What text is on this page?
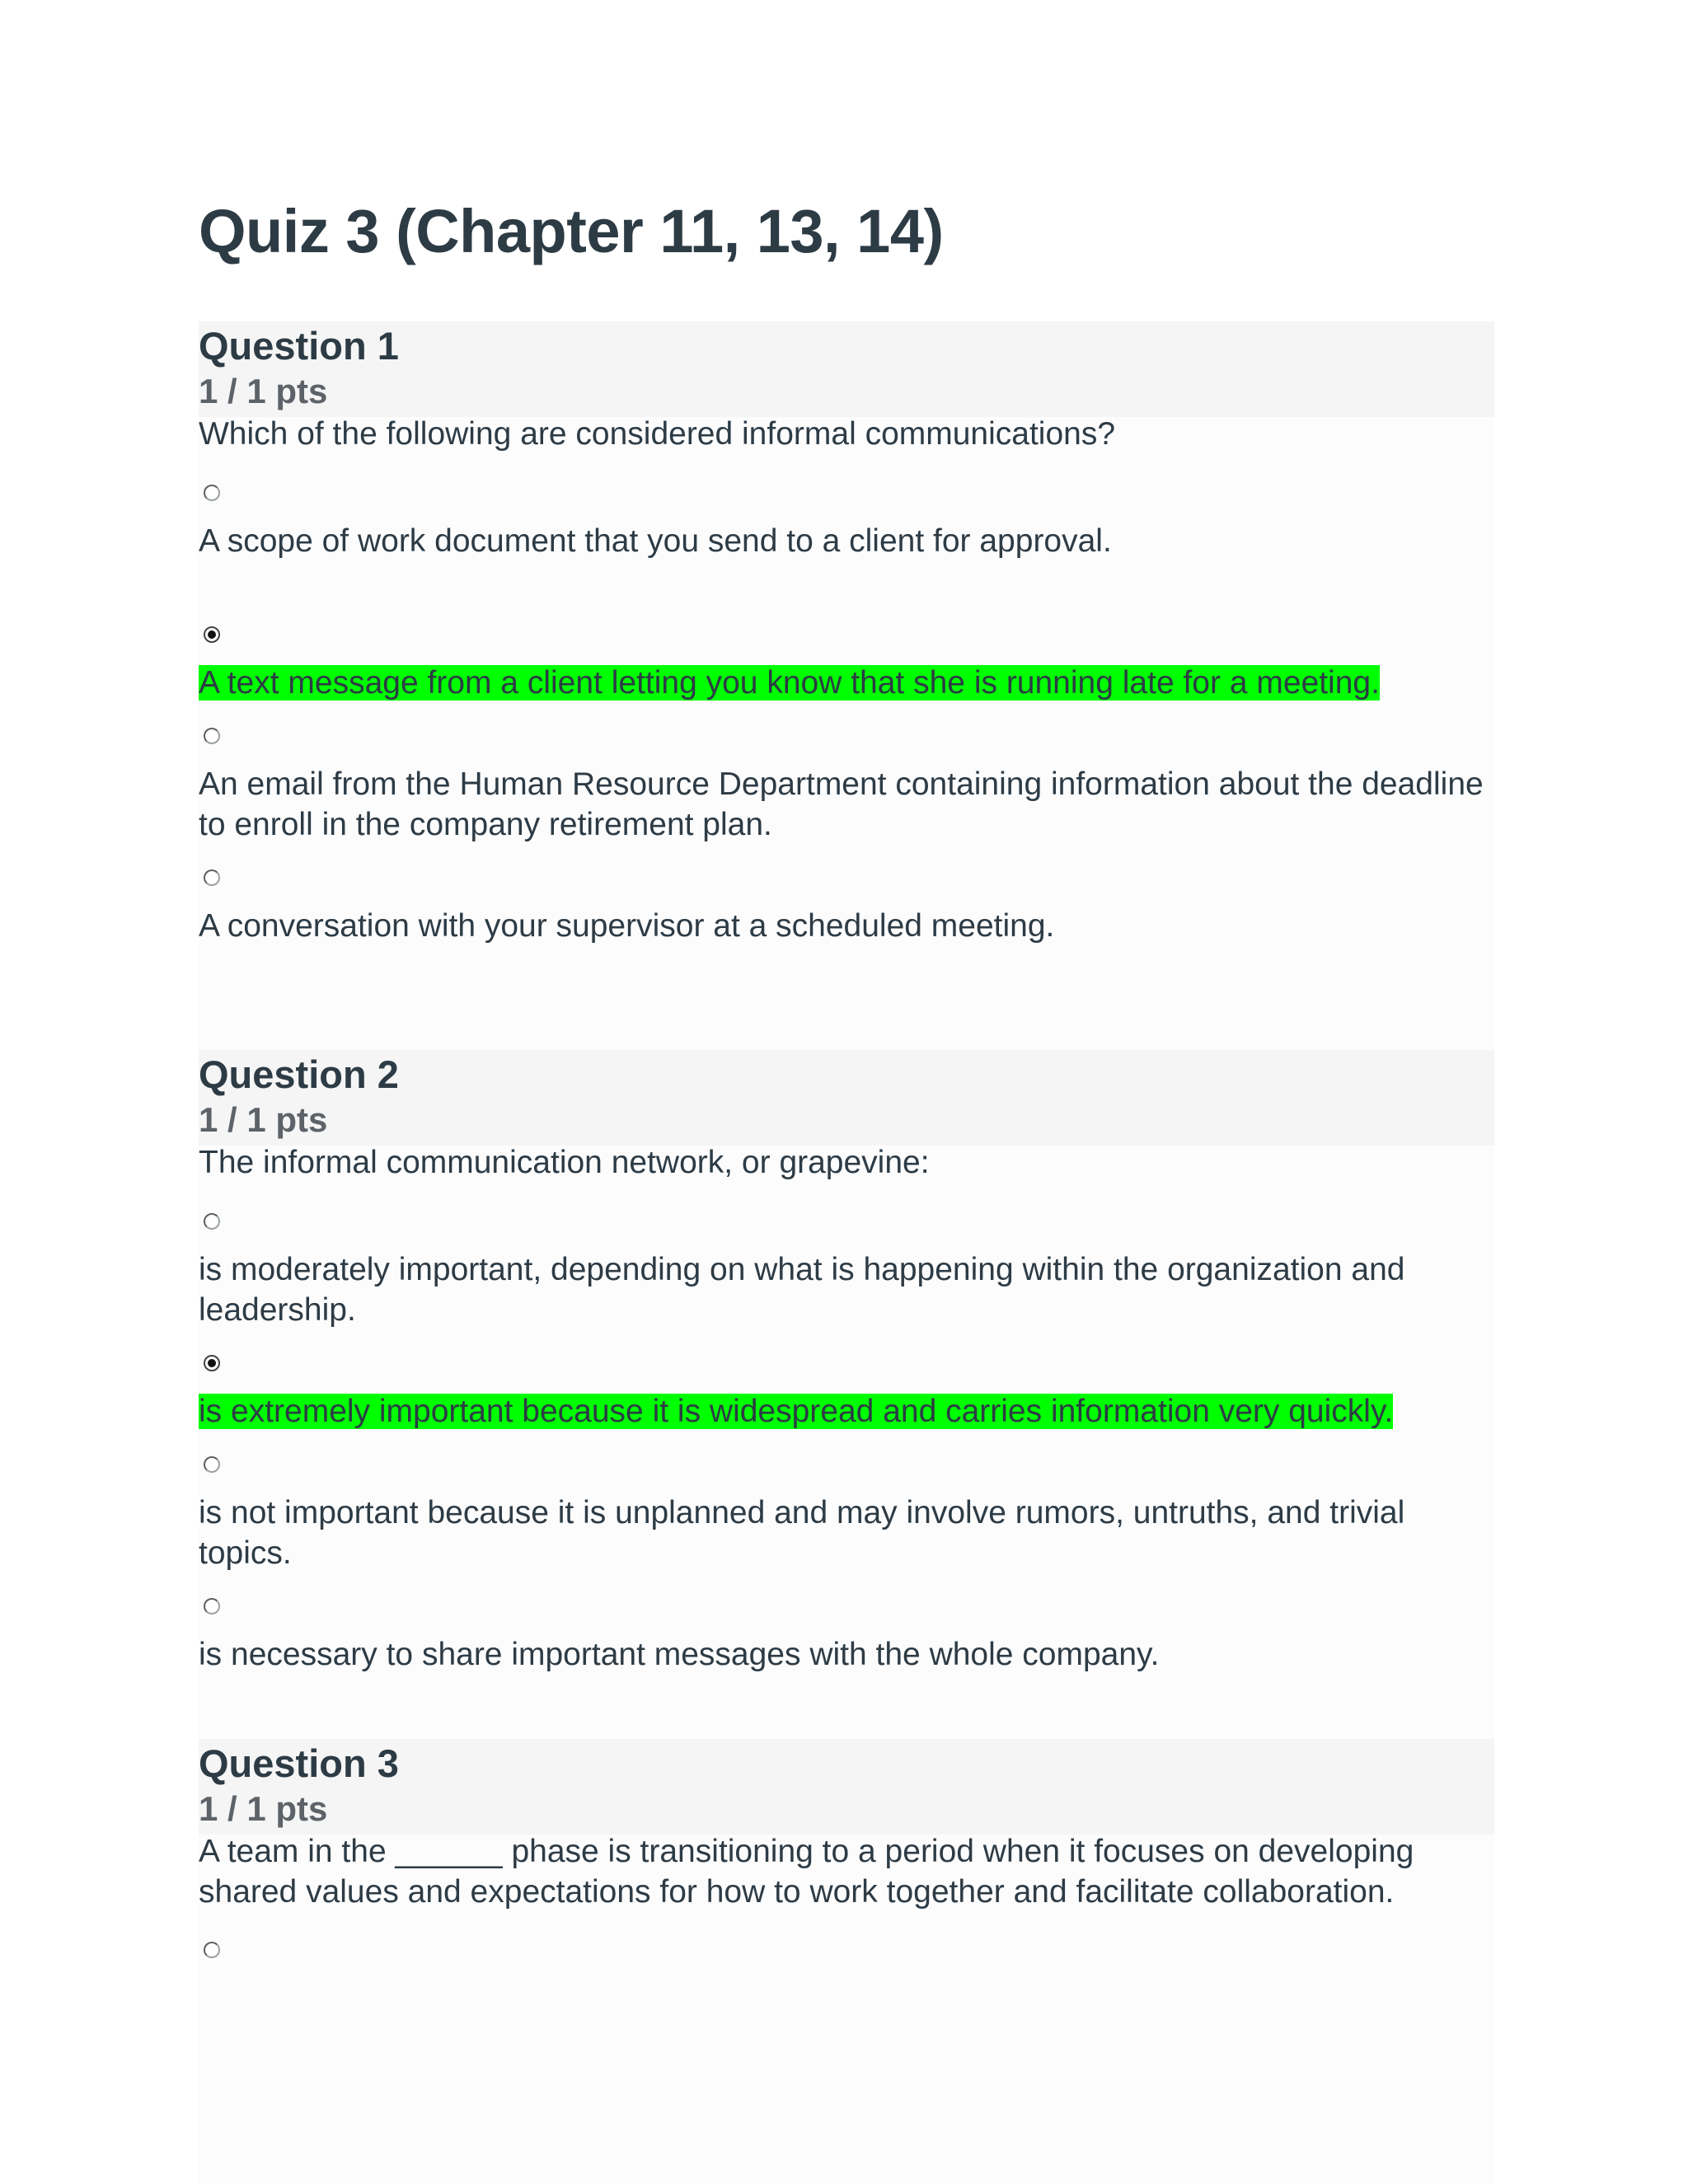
Quiz 3 (Chapter 11, 13, 14)
Question 1
1 / 1 pts
Which of the following are considered informal communications?
A scope of work document that you send to a client for approval.
A text message from a client letting you know that she is running late for a meeting.
An email from the Human Resource Department containing information about the deadline to enroll in the company retirement plan.
A conversation with your supervisor at a scheduled meeting.
Question 2
1 / 1 pts
The informal communication network, or grapevine:
is moderately important, depending on what is happening within the organization and leadership.
is extremely important because it is widespread and carries information very quickly.
is not important because it is unplanned and may involve rumors, untruths, and trivial topics.
is necessary to share important messages with the whole company.
Question 3
1 / 1 pts
A team in the ______ phase is transitioning to a period when it focuses on developing shared values and expectations for how to work together and facilitate collaboration.
